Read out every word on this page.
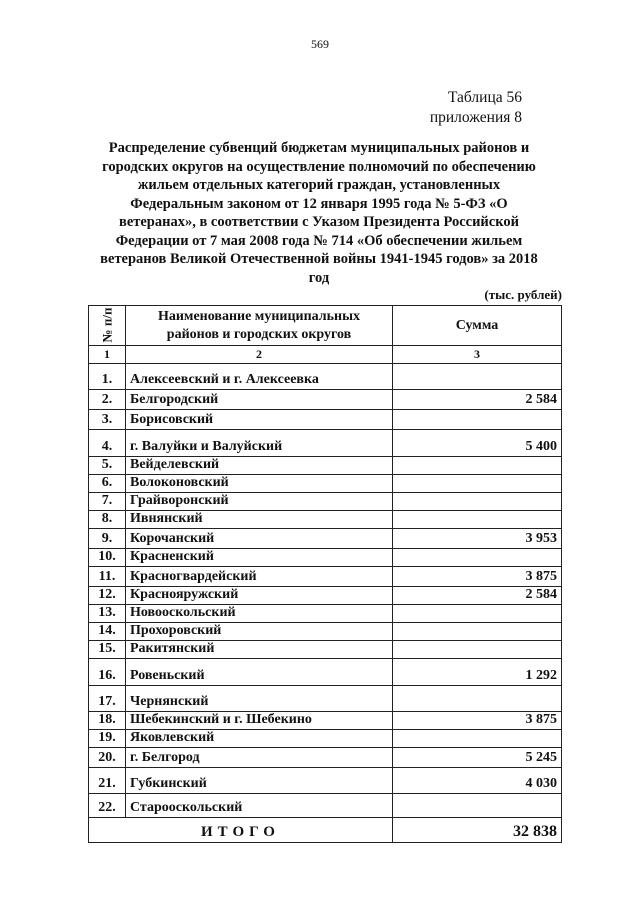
569
Таблица 56
приложения 8
Распределение субвенций бюджетам муниципальных районов и
городских округов на осуществление полномочий по обеспечению
жильем отдельных категорий граждан, установленных
Федеральным законом от 12 января 1995 года № 5-ФЗ «О
ветеранах», в соответствии с Указом Президента Российской
Федерации от 7 мая 2008 года № 714 «Об обеспечении жильем
ветеранов Великой Отечественной войны 1941-1945 годов» за 2018
год
(тыс. рублей)
№ п/п	Наименование муниципальных
районов и городских округов	Сумма
1	2	3
1.	Алексеевский и г. Алексеевка	
2.	Белгородский	2 584
3.	Борисовский	
4.	г. Валуйки и Валуйский	5 400
5.	Вейделевский	
6.	Волоконовский	
7.	Грайворонский	
8.	Ивнянский	
9.	Корочанский	3 953
10.	Красненский	
11.	Красногвардейский	3 875
12.	Краснояружский	2 584
13.	Новооскольский	
14.	Прохоровский	
15.	Ракитянский	
16.	Ровеньский	1 292
17.	Чернянский	
18.	Шебекинский и г. Шебекино	3 875
19.	Яковлевский	
20.	г. Белгород	5 245
21.	Губкинский	4 030
22.	Старооскольский	
ИТОГО		32 838
